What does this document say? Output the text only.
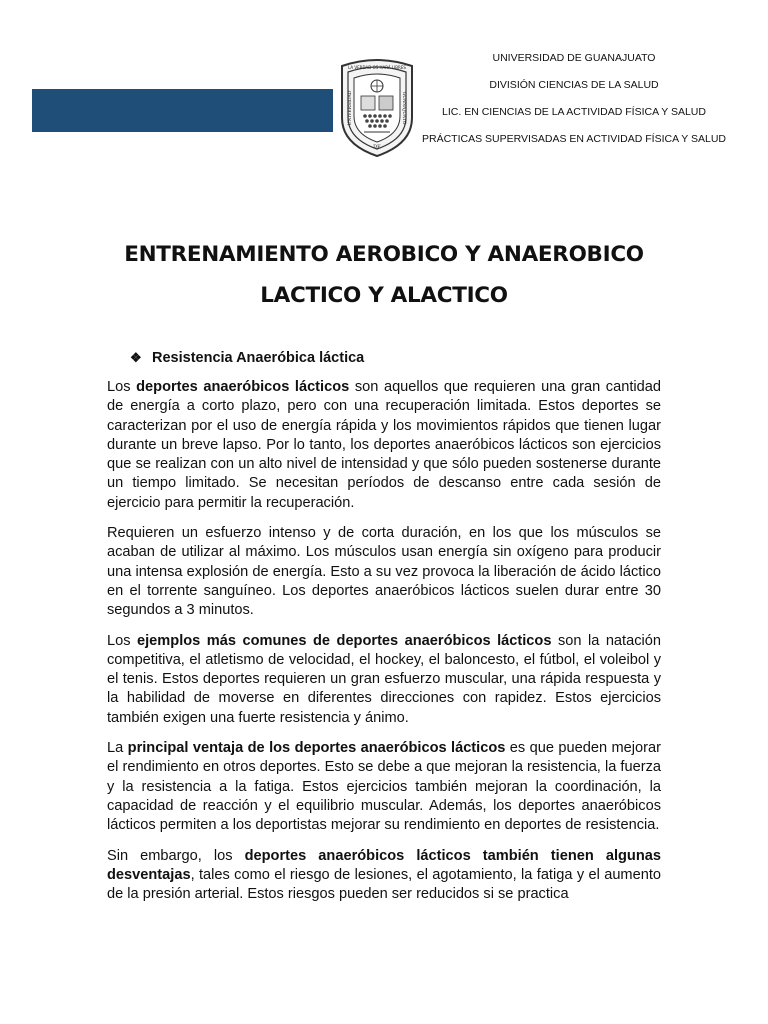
LA VERDAD OS HARÁ LIBRES
UNIVERSIDAD	GUANAJUATO
DE
UNIVERSIDAD DE GUANAJUATO
DIVISIÓN CIENCIAS DE LA SALUD
LIC. EN CIENCIAS DE LA ACTIVIDAD FÍSICA Y SALUD
PRÁCTICAS SUPERVISADAS EN ACTIVIDAD FÍSICA Y SALUD
ENTRENAMIENTO AEROBICO Y ANAEROBICO
LACTICO Y ALACTICO
❖ Resistencia Anaeróbica láctica

Los deportes anaeróbicos lácticos son aquellos que requieren una gran cantidad de energía a corto plazo, pero con una recuperación limitada. Estos deportes se caracterizan por el uso de energía rápida y los movimientos rápidos que tienen lugar durante un breve lapso. Por lo tanto, los deportes anaeróbicos lácticos son ejercicios que se realizan con un alto nivel de intensidad y que sólo pueden sostenerse durante un tiempo limitado. Se necesitan períodos de descanso entre cada sesión de ejercicio para permitir la recuperación.

Requieren un esfuerzo intenso y de corta duración, en los que los músculos se acaban de utilizar al máximo. Los músculos usan energía sin oxígeno para producir una intensa explosión de energía. Esto a su vez provoca la liberación de ácido láctico en el torrente sanguíneo. Los deportes anaeróbicos lácticos suelen durar entre 30 segundos a 3 minutos.

Los ejemplos más comunes de deportes anaeróbicos lácticos son la natación competitiva, el atletismo de velocidad, el hockey, el baloncesto, el fútbol, el voleibol y el tenis. Estos deportes requieren un gran esfuerzo muscular, una rápida respuesta y la habilidad de moverse en diferentes direcciones con rapidez. Estos ejercicios también exigen una fuerte resistencia y ánimo.

La principal ventaja de los deportes anaeróbicos lácticos es que pueden mejorar el rendimiento en otros deportes. Esto se debe a que mejoran la resistencia, la fuerza y la resistencia a la fatiga. Estos ejercicios también mejoran la coordinación, la capacidad de reacción y el equilibrio muscular. Además, los deportes anaeróbicos lácticos permiten a los deportistas mejorar su rendimiento en deportes de resistencia.

Sin embargo, los deportes anaeróbicos lácticos también tienen algunas desventajas, tales como el riesgo de lesiones, el agotamiento, la fatiga y el aumento de la presión arterial. Estos riesgos pueden ser reducidos si se practica
